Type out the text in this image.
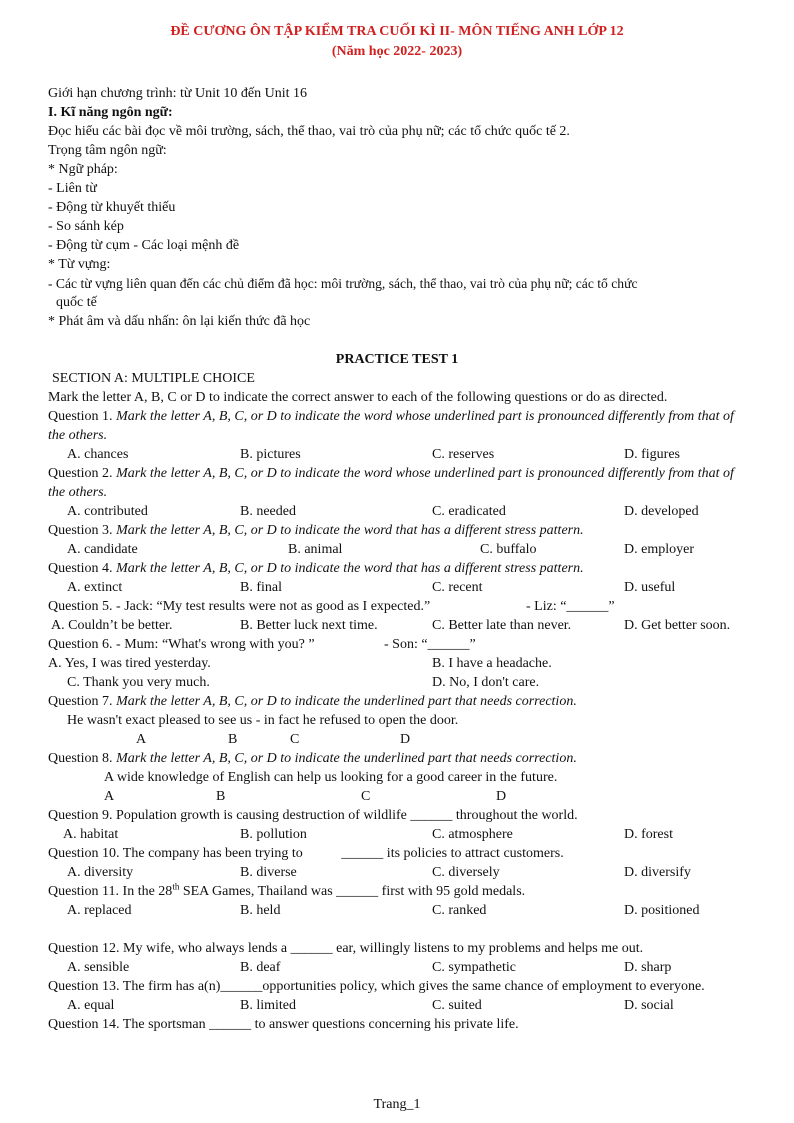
ĐỀ CƯƠNG ÔN TẬP KIỂM TRA CUỐI KÌ II- MÔN TIẾNG ANH LỚP 12
(Năm học 2022- 2023)
Giới hạn chương trình: từ Unit 10 đến Unit 16
I. Kĩ năng ngôn ngữ:
Đọc hiểu các bài đọc về môi trường, sách, thể thao, vai trò của phụ nữ; các tổ chức quốc tế 2.
Trọng tâm ngôn ngữ:
* Ngữ pháp:
- Liên từ
- Động từ khuyết thiếu
- So sánh kép
- Động từ cụm - Các loại mệnh đề
* Từ vựng:
- Các từ vựng liên quan đến các chủ điểm đã học: môi trường, sách, thể thao, vai trò của phụ nữ; các tổ chức
quốc tế
* Phát âm và dấu nhấn: ôn lại kiến thức đã học
PRACTICE TEST 1
SECTION A: MULTIPLE CHOICE
Mark the letter A, B, C or D to indicate the correct answer to each of the following questions or do as directed.
Question 1. Mark the letter A, B, C, or D to indicate the word whose underlined part is pronounced differently from that of the others.
A. chances	B. pictures	C. reserves	D. figures
Question 2. Mark the letter A, B, C, or D to indicate the word whose underlined part is pronounced differently from that of the others.
A. contributed	B. needed	C. eradicated	D. developed
Question 3. Mark the letter A, B, C, or D to indicate the word that has a different stress pattern.
A. candidate	B. animal	C. buffalo	D. employer
Question 4. Mark the letter A, B, C, or D to indicate the word that has a different stress pattern.
A. extinct	B. final	C. recent	D. useful
Question 5. - Jack: “My test results were not as good as I expected.”	- Liz: “______”
A. Couldn’t be better.	B. Better luck next time.	C. Better late than never.	D. Get better soon.
Question 6. - Mum: “What's wrong with you? ”	- Son: “______”
A. Yes, I was tired yesterday.	B. I have a headache.
C. Thank you very much.	D. No, I don't care.
Question 7. Mark the letter A, B, C, or D to indicate the underlined part that needs correction.
He wasn't exact pleased to see us - in fact he refused to open the door.
A	B	C	D
Question 8. Mark the letter A, B, C, or D to indicate the underlined part that needs correction.
A wide knowledge of English can help us looking for a good career in the future.
A	B	C	D
Question 9. Population growth is causing destruction of wildlife ______ throughout the world.
A. habitat	B. pollution	C. atmosphere	D. forest
Question 10. The company has been trying to           ______ its policies to attract customers.
A. diversity	B. diverse	C. diversely	D. diversify
Question 11. In the 28th SEA Games, Thailand was ______ first with 95 gold medals.
A. replaced	B. held	C. ranked	D. positioned
Question 12. My wife, who always lends a ______ ear, willingly listens to my problems and helps me out.
A. sensible	B. deaf	C. sympathetic	D. sharp
Question 13. The firm has a(n)______opportunities policy, which gives the same chance of employment to everyone.
A. equal	B. limited	C. suited	D. social
Question 14. The sportsman ______ to answer questions concerning his private life.
Trang_1
